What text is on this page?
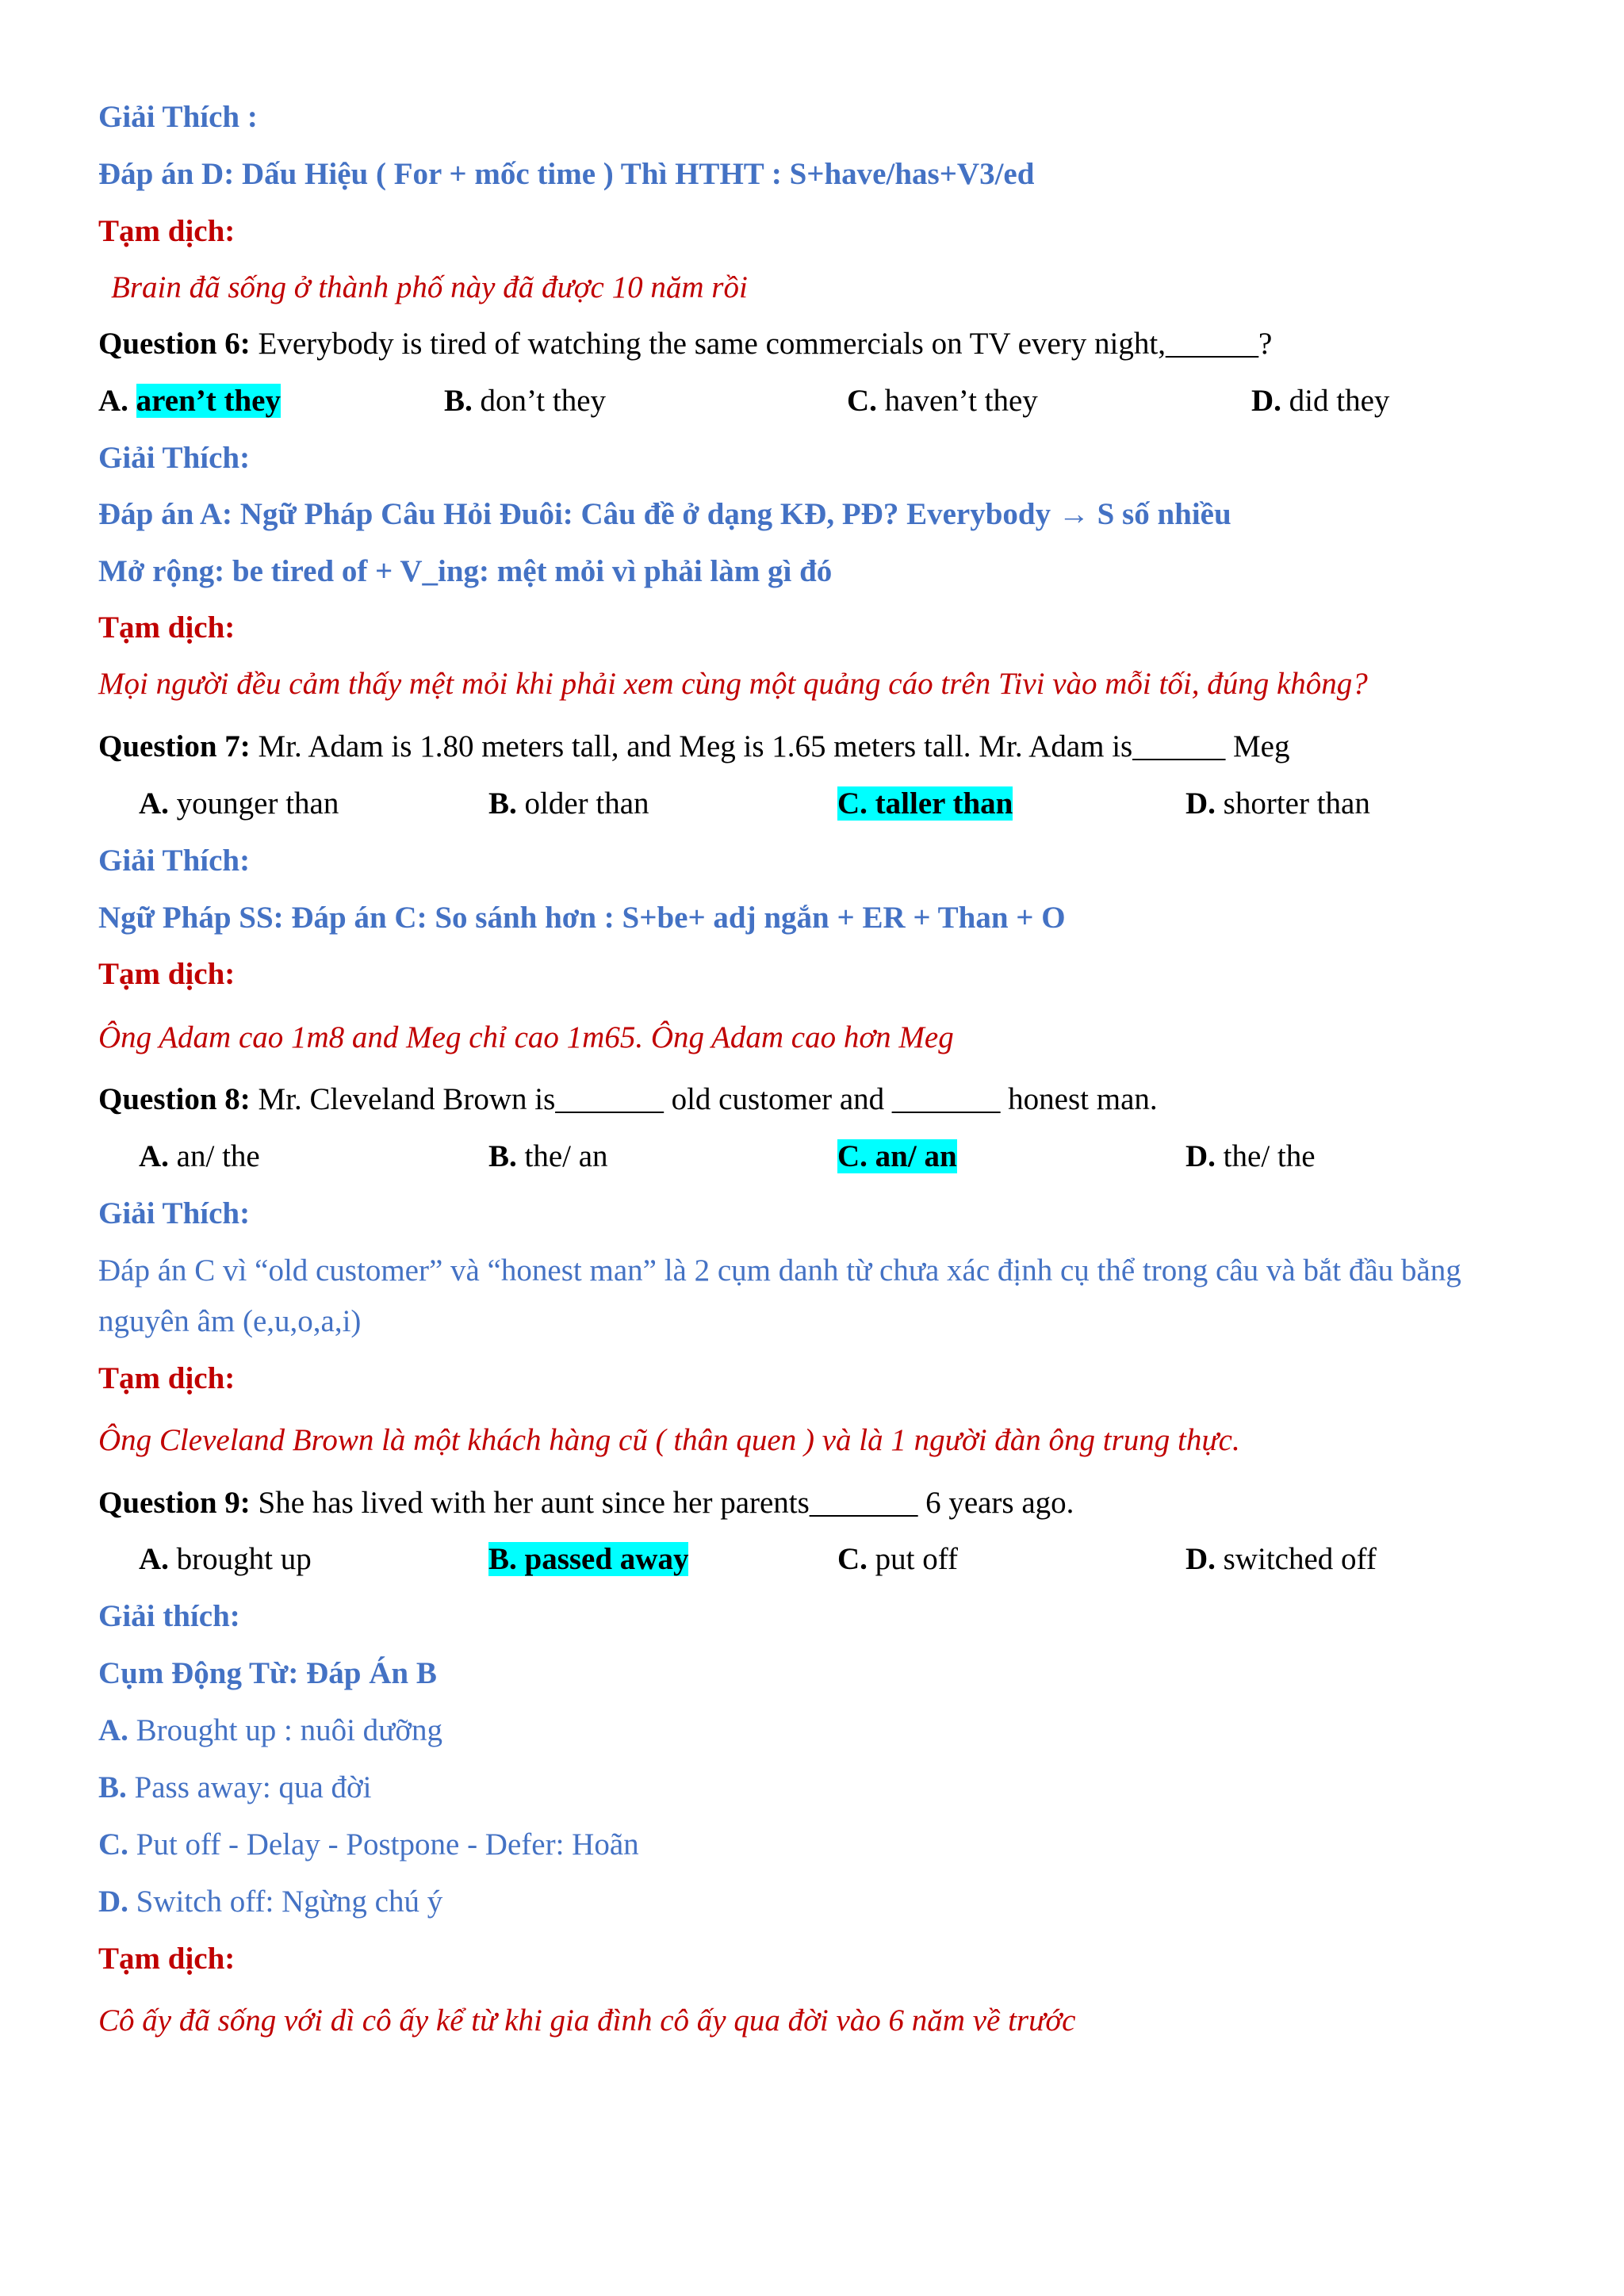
Giải Thích :
Đáp án D: Dấu Hiệu ( For + mốc time ) Thì HTHT : S+have/has+V3/ed
Tạm dịch:
Brain đã sống ở thành phố này đã được 10 năm rồi
Question 6: Everybody is tired of watching the same commercials on TV every night,______?
A. aren’t they	B. don’t they	C. haven’t they	D. did they
Giải Thích:
Đáp án A: Ngữ Pháp Câu Hỏi Đuôi: Câu đề ở dạng KĐ, PĐ? Everybody → S số nhiều
Mở rộng: be tired of + V_ing: mệt mỏi vì phải làm gì đó
Tạm dịch:
Mọi người đều cảm thấy mệt mỏi khi phải xem cùng một quảng cáo trên Tivi vào mỗi tối, đúng không?
Question 7: Mr. Adam is 1.80 meters tall, and Meg is 1.65 meters tall. Mr. Adam is______ Meg
A. younger than	B. older than	C. taller than	D. shorter than
Giải Thích:
Ngữ Pháp SS: Đáp án C: So sánh hơn : S+be+ adj ngắn + ER + Than + O
Tạm dịch:
Ông Adam cao 1m8 and Meg chỉ cao 1m65. Ông Adam cao hơn Meg
Question 8: Mr. Cleveland Brown is_______ old customer and _______ honest man.
A. an/ the	B. the/ an	C. an/ an	D. the/ the
Giải Thích:
Đáp án C vì “old customer” và “honest man” là 2 cụm danh từ chưa xác định cụ thể trong câu và bắt đầu bằng
nguyên âm (e,u,o,a,i)
Tạm dịch:
Ông Cleveland Brown là một khách hàng cũ ( thân quen ) và là 1 người đàn ông trung thực.
Question 9: She has lived with her aunt since her parents_______ 6 years ago.
A. brought up	B. passed away	C. put off	D. switched off
Giải thích:
Cụm Động Từ: Đáp Án B
A. Brought up : nuôi dưỡng
B. Pass away: qua đời
C. Put off - Delay - Postpone - Defer: Hoãn
D. Switch off: Ngừng chú ý
Tạm dịch:
Cô ấy đã sống với dì cô ấy kể từ khi gia đình cô ấy qua đời vào 6 năm về trước
